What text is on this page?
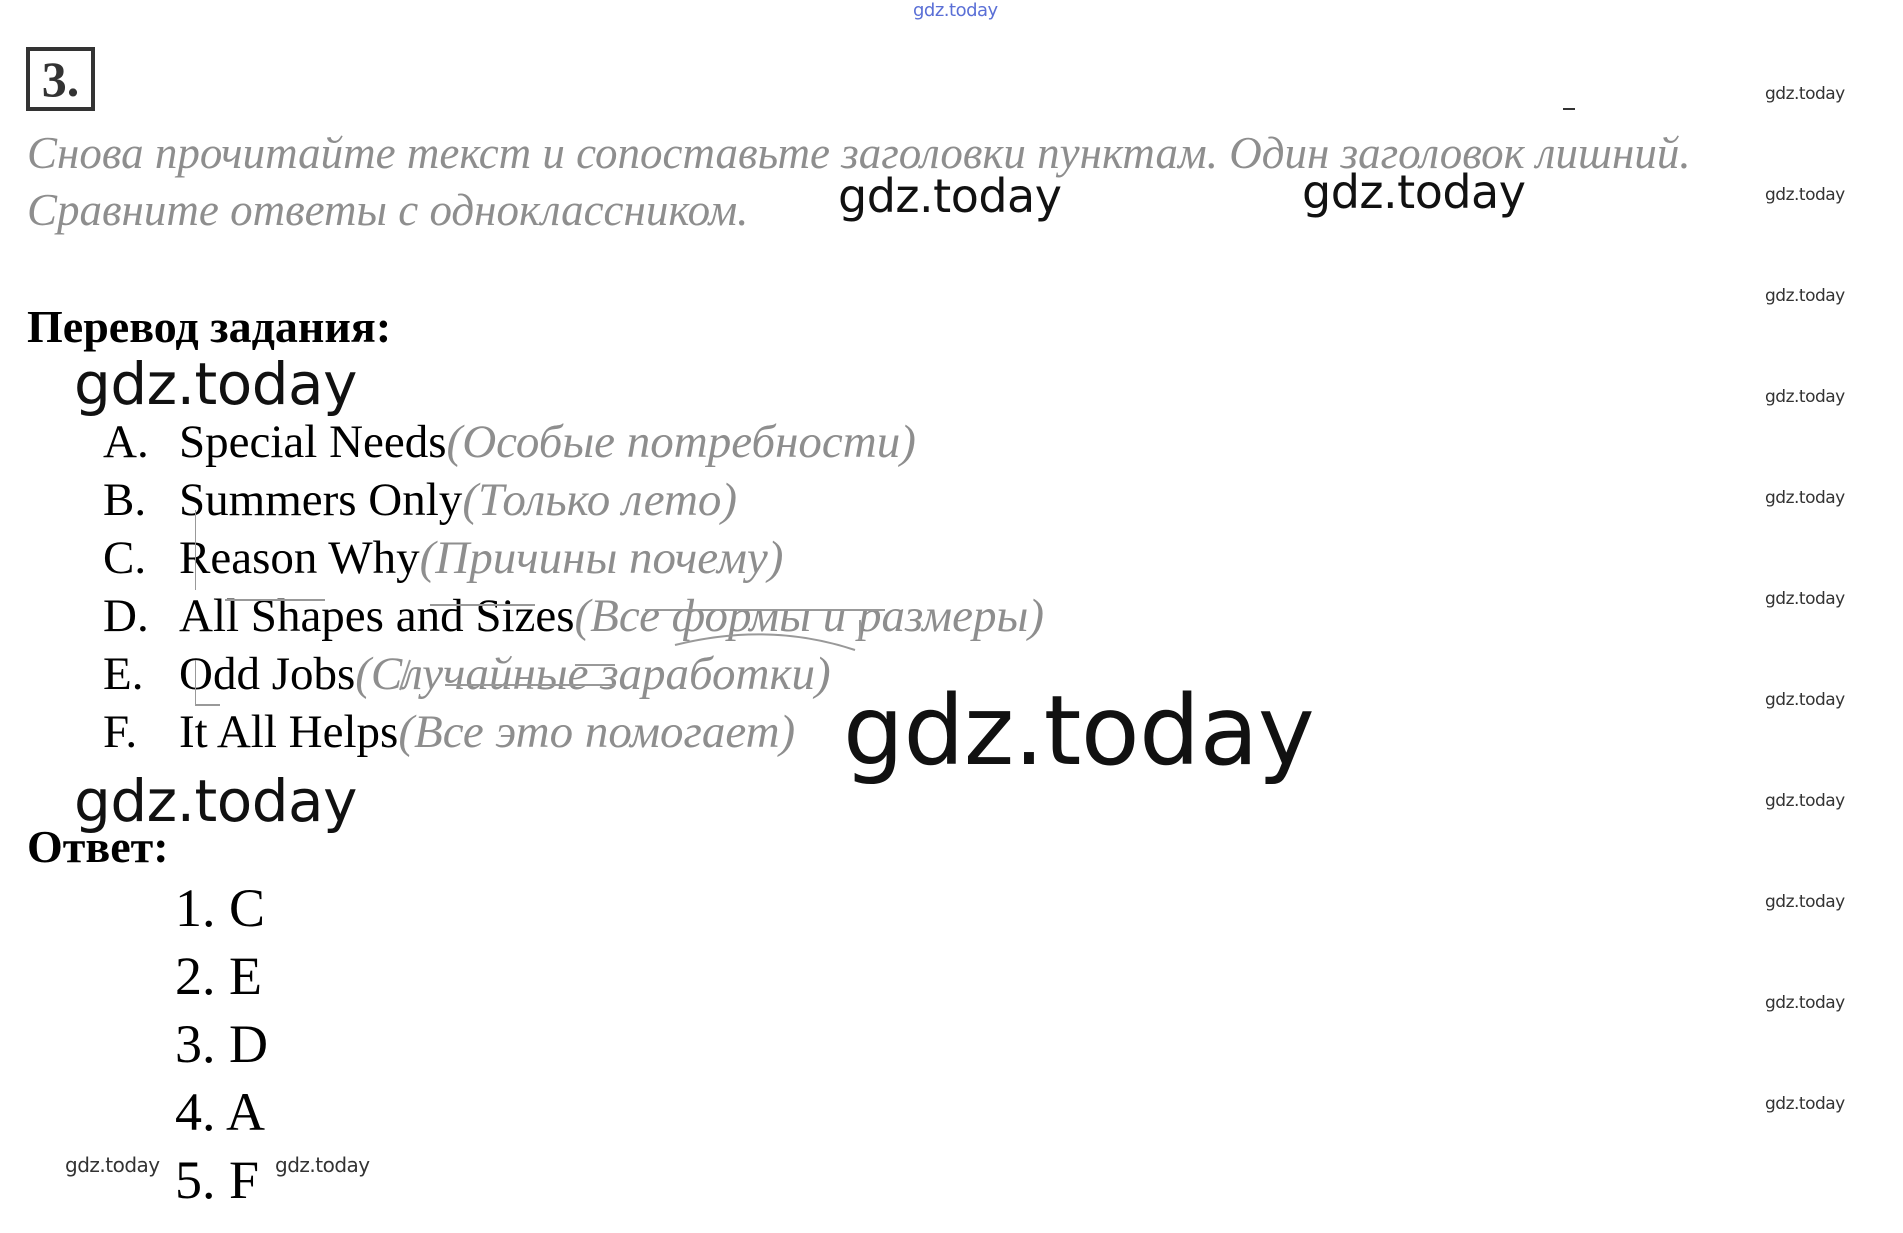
gdz.today
gdz.today
gdz.today
gdz.today
gdz.today
gdz.today
gdz.today
gdz.today
gdz.today
gdz.today
gdz.today
gdz.today
3.
Снова прочитайте текст и сопоставьте заголовки пунктам. Один заголовок лишний.
Сравните ответы с одноклассником.	gdz.today	gdz.today
Перевод задания:
gdz.today
A. Special Needs(Особые потребности)
B. Summers Only(Только лето)
C. Reason Why(Причины почему)
D. All Shapes and Sizes(Все формы и размеры)
E. Odd Jobs(Случайные заработки)
F. It All Helps(Все это помогает) gdz.today
gdz.today
Ответ:
1. C
2. E
3. D
4. A
5. F
gdz.today	gdz.today
